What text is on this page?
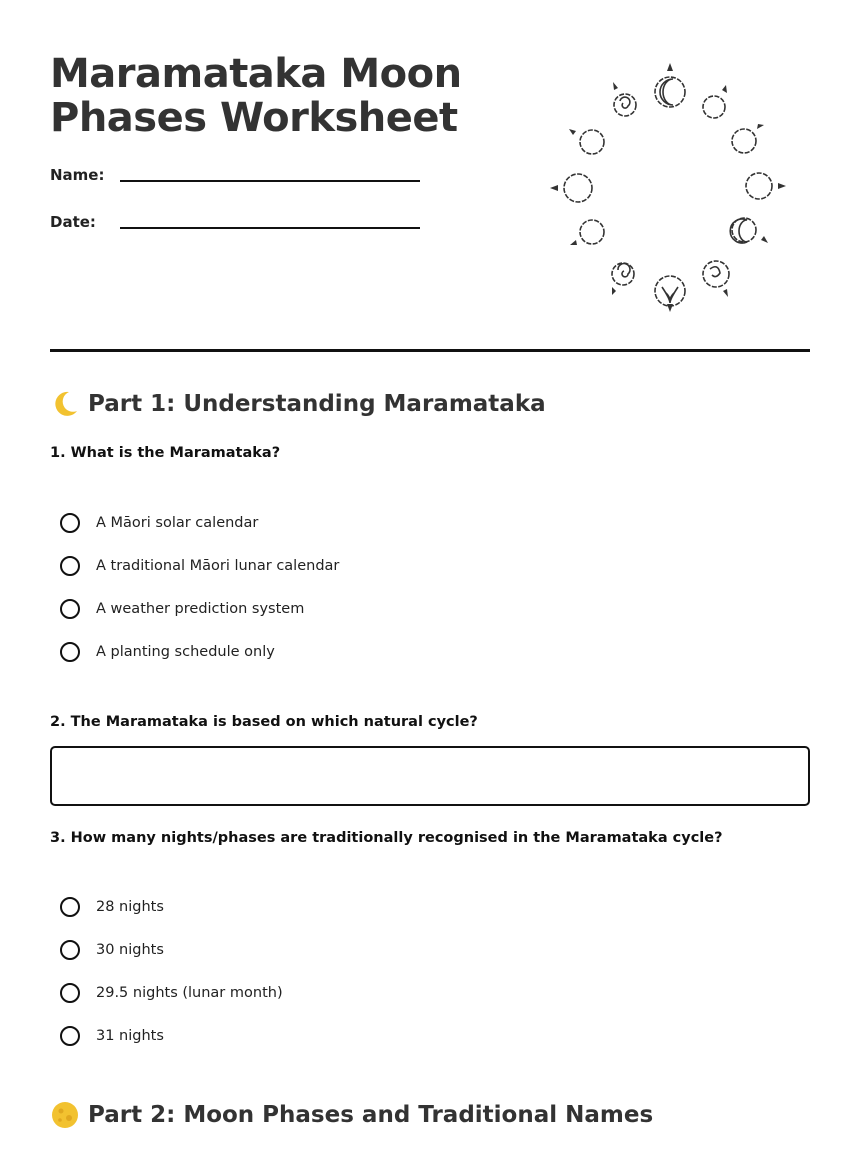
Maramataka Moon Phases Worksheet
Name:
Date:
Part 1: Understanding Maramataka

1. What is the Maramataka?

A Māori solar calendar
A traditional Māori lunar calendar
A weather prediction system
A planting schedule only

2. The Maramataka is based on which natural cycle?

3. How many nights/phases are traditionally recognised in the Maramataka cycle?

28 nights
30 nights
29.5 nights (lunar month)
31 nights
Part 2: Moon Phases and Traditional Names
